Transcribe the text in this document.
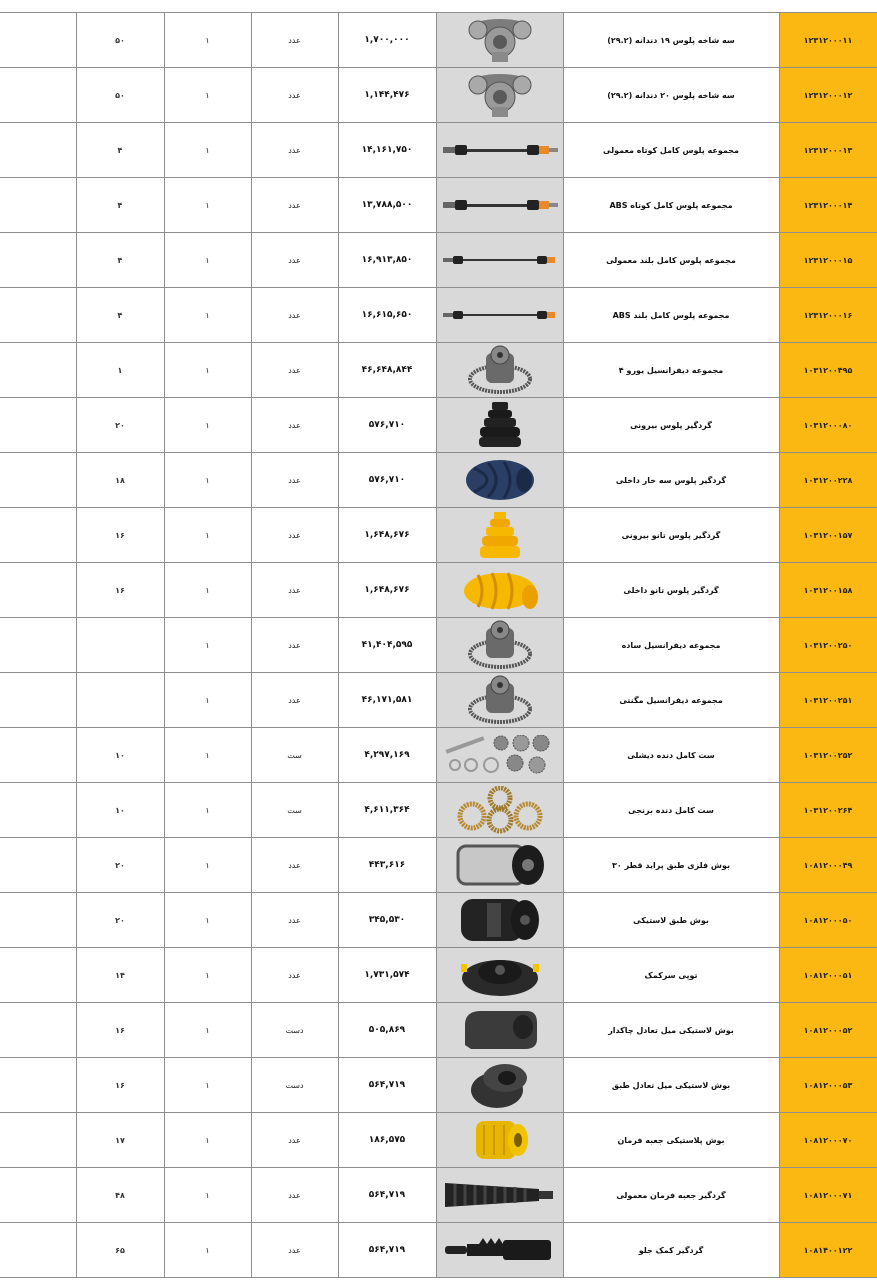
	۵۰	۱	عدد	۱,۷۰۰,۰۰۰		سه شاخه پلوس ۱۹ دندانه (۲۹.۲)	۱۲۳۱۲۰۰۰۱۱
	۵۰	۱	عدد	۱,۱۴۴,۴۷۶		سه شاخه پلوس ۲۰ دندانه (۲۹.۲)	۱۲۳۱۲۰۰۰۱۲
	۴	۱	عدد	۱۴,۱۶۱,۷۵۰		مجموعه پلوس کامل کوتاه معمولی	۱۲۳۱۲۰۰۰۱۳
	۴	۱	عدد	۱۳,۷۸۸,۵۰۰		مجموعه پلوس کامل کوتاه ABS	۱۲۳۱۲۰۰۰۱۴
	۴	۱	عدد	۱۶,۹۱۳,۸۵۰		مجموعه پلوس کامل بلند معمولی	۱۲۳۱۲۰۰۰۱۵
	۴	۱	عدد	۱۶,۶۱۵,۶۵۰		مجموعه پلوس کامل بلند ABS	۱۲۳۱۲۰۰۰۱۶
	۱	۱	عدد	۴۶,۶۴۸,۸۴۴		مجموعه دیفرانسیل یورو ۴	۱۰۳۱۲۰۰۴۹۵
	۲۰	۱	عدد	۵۷۶,۷۱۰		گردگیر پلوس بیرونی	۱۰۳۱۲۰۰۰۸۰
	۱۸	۱	عدد	۵۷۶,۷۱۰		گردگیر پلوس سه خار داخلی	۱۰۳۱۲۰۰۲۲۸
	۱۶	۱	عدد	۱,۶۴۸,۶۷۶		گردگیر پلوس تانو بیرونی	۱۰۳۱۲۰۰۱۵۷
	۱۶	۱	عدد	۱,۶۴۸,۶۷۶		گردگیر پلوس تانو داخلی	۱۰۳۱۲۰۰۱۵۸
		۱	عدد	۴۱,۴۰۴,۵۹۵		مجموعه دیفرانسیل ساده	۱۰۳۱۲۰۰۲۵۰
		۱	عدد	۴۶,۱۷۱,۵۸۱		مجموعه دیفرانسیل مگنتی	۱۰۳۱۲۰۰۲۵۱
	۱۰	۱	ست	۴,۲۹۷,۱۶۹		ست کامل دنده دیشلی	۱۰۳۱۲۰۰۲۵۲
	۱۰	۱	ست	۴,۶۱۱,۳۶۴		ست کامل دنده برنجی	۱۰۳۱۲۰۰۲۶۴
	۲۰	۱	عدد	۴۴۳,۶۱۶		بوش فلزی طبق پراید قطر ۳۰	۱۰۸۱۲۰۰۰۴۹
	۲۰	۱	عدد	۳۴۵,۵۳۰		بوش طبق لاستیکی	۱۰۸۱۲۰۰۰۵۰
	۱۴	۱	عدد	۱,۷۳۱,۵۷۴		توپی سرکمک	۱۰۸۱۲۰۰۰۵۱
	۱۶	۱	دست	۵۰۵,۸۶۹		بوش لاستیکی میل تعادل چاکدار	۱۰۸۱۲۰۰۰۵۲
	۱۶	۱	دست	۵۶۴,۷۱۹		بوش لاستیکی میل تعادل طبق	۱۰۸۱۲۰۰۰۵۳
	۱۷	۱	عدد	۱۸۶,۵۷۵		بوش پلاستیکی جعبه فرمان	۱۰۸۱۲۰۰۰۷۰
	۴۸	۱	عدد	۵۶۴,۷۱۹		گردگیر جعبه فرمان معمولی	۱۰۸۱۲۰۰۰۷۱
	۶۵	۱	عدد	۵۶۴,۷۱۹		گردگیر کمک جلو	۱۰۸۱۴۰۰۱۲۲
